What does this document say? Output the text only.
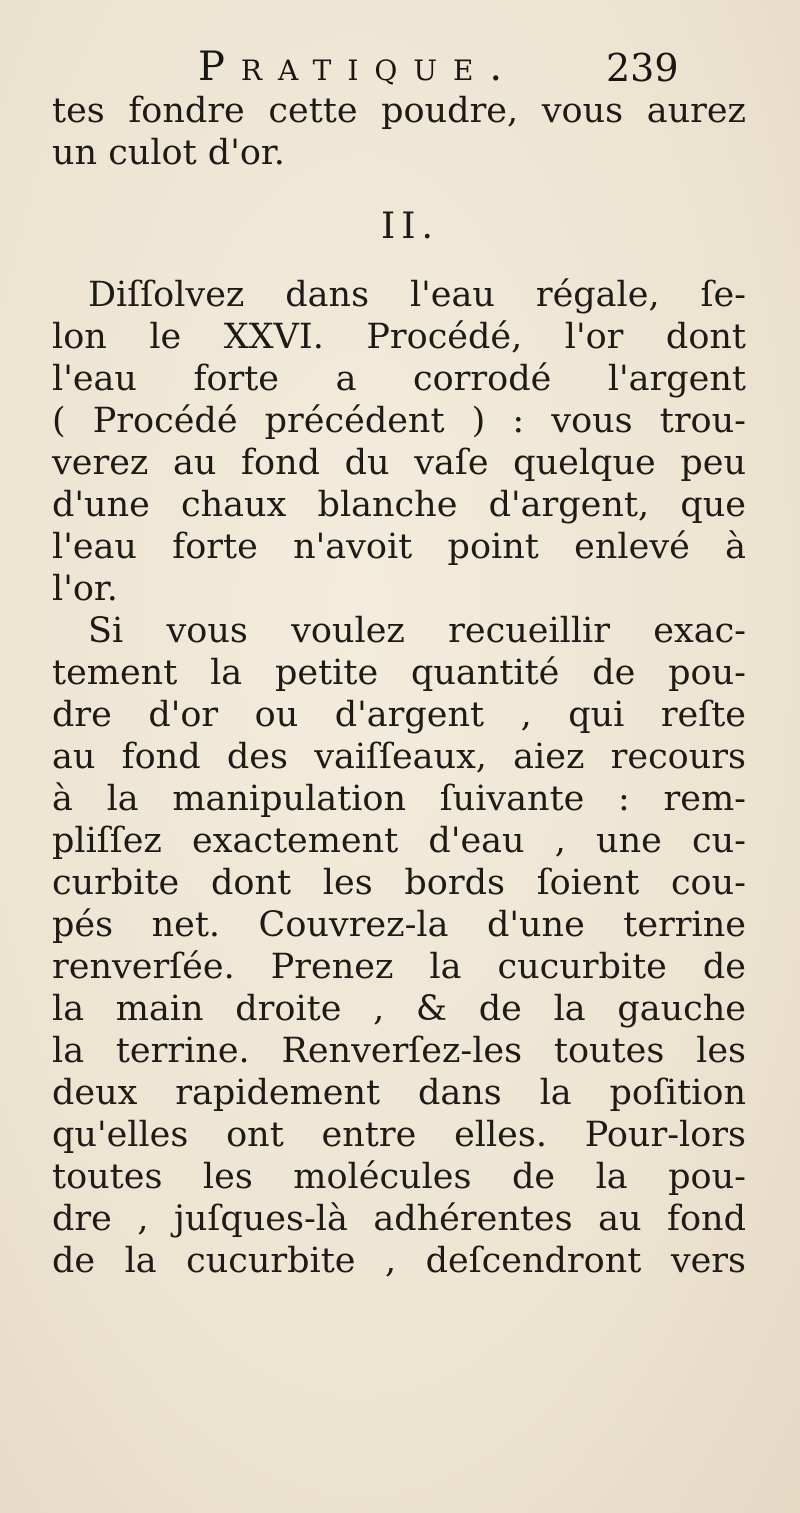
Pratique. 239
tes fondre cette poudre, vous aurez
un culot d'or.
II.
Diſſolvez dans l'eau régale, ſe-
lon le XXVI. Procédé, l'or dont
l'eau forte a corrodé l'argent
( Procédé précédent ) : vous trou-
verez au fond du vaſe quelque peu
d'une chaux blanche d'argent, que
l'eau forte n'avoit point enlevé à
l'or.
Si vous voulez recueillir exac-
tement la petite quantité de pou-
dre d'or ou d'argent , qui reſte
au fond des vaiſſeaux, aiez recours
à la manipulation ſuivante : rem-
pliſſez exactement d'eau , une cu-
curbite dont les bords ſoient cou-
pés net. Couvrez-la d'une terrine
renverſée. Prenez la cucurbite de
la main droite , & de la gauche
la terrine. Renverſez-les toutes les
deux rapidement dans la poſition
qu'elles ont entre elles. Pour-lors
toutes les molécules de la pou-
dre , juſques-là adhérentes au fond
de la cucurbite , deſcendront vers
